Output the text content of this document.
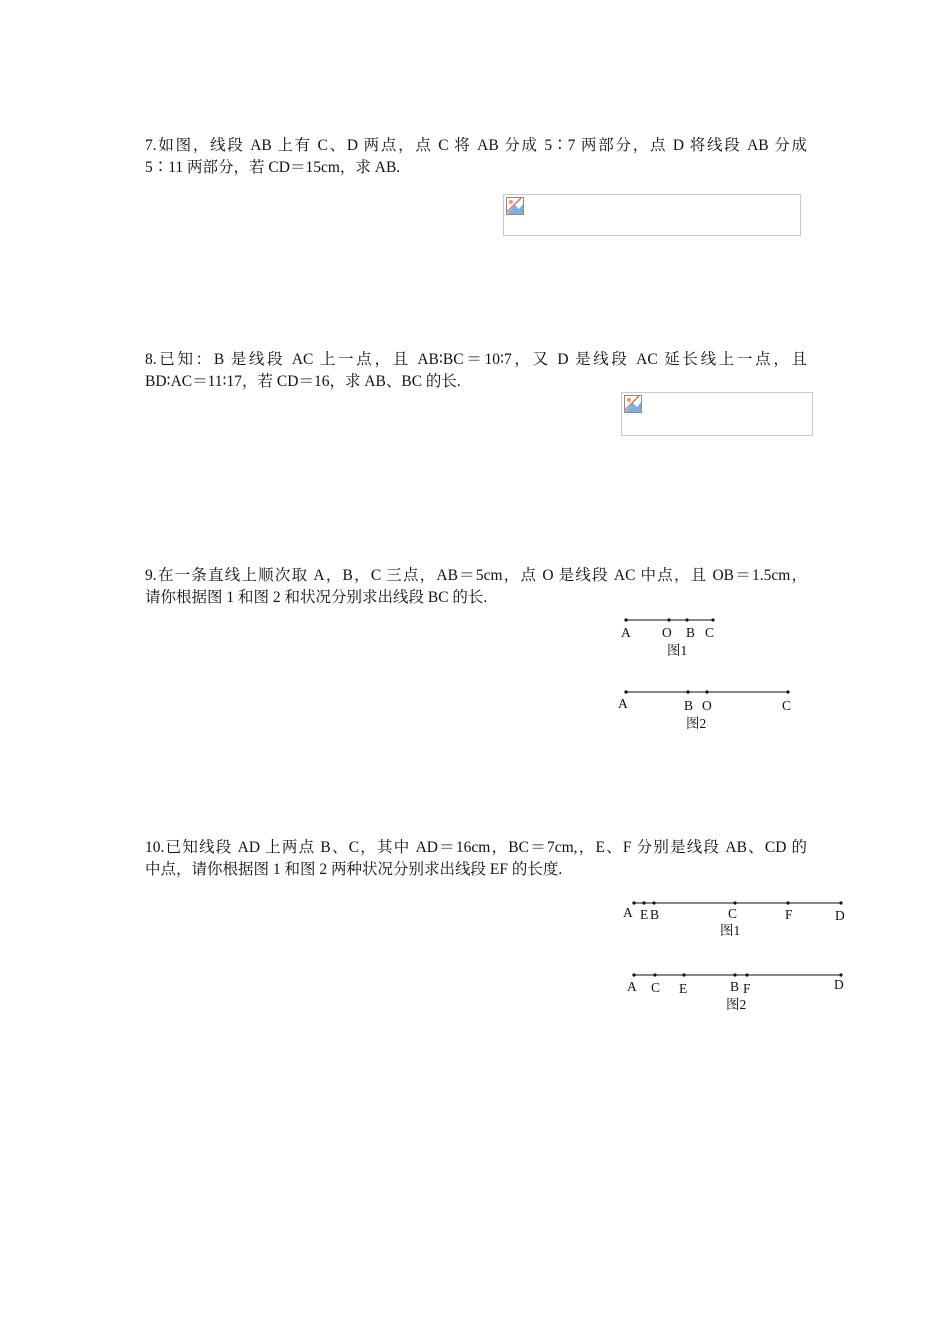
7.如图，线段 AB 上有 C、D 两点，点 C 将 AB 分成 5∶7 两部分，点 D 将线段 AB 分成
5∶11 两部分，若 CD＝15cm，求 AB.
8.已知：B 是线段 AC 上一点，且 AB∶BC＝10∶7，又 D 是线段 AC 延长线上一点，且
BD∶AC＝11∶17，若 CD＝16，求 AB、BC 的长.
9.在一条直线上顺次取 A，B，C 三点，AB＝5cm，点 O 是线段 AC 中点，且 OB＝1.5cm，
请你根据图 1 和图 2 和状况分别求出线段 BC 的长.
A O B C
图1
A	B O	C
图2
10.已知线段 AD 上两点 B、C，其中 AD＝16cm，BC＝7cm,，E、F 分别是线段 AB、CD 的
中点，请你根据图 1 和图 2 两种状况分别求出线段 EF 的长度.
A E B	C	F	D
图1
A C E	B F	D
图2
